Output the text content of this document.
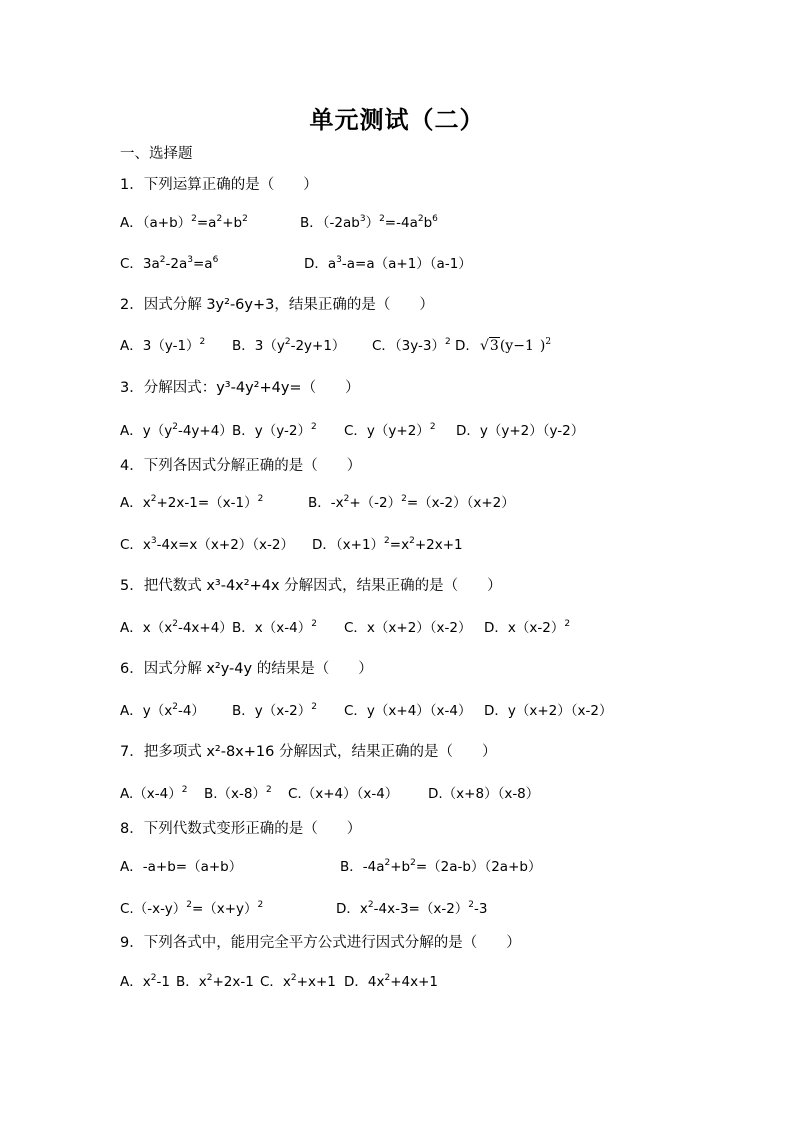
单元测试（二）
一、选择题
1．下列运算正确的是（　　）
A．$(a+b)^2=a^2+b^2$	B．$(-2ab^3)^2=-4a^2b^6$
C．$3a^2-2a^3=a^6$	D．$a^3-a=a(a+1)(a-1)$
2．因式分解 3y²-6y+3，结果正确的是（　　）
A．$3(y-1)^2$ B．$3(y^2-2y+1)$ C．$(3y-3)^2$ D. √3(y−1 )$^2$
3．分解因式：y³-4y²+4y=（　　）
A．$y(y^2-4y+4)$ B．$y(y-2)^2$ C．$y(y+2)^2$ D．y（y+2）（y-2）
4．下列各因式分解正确的是（　　）
A．$x^2+2x-1=(x-1)^2$	B．$-x^2+(-2)^2=(x-2)(x+2)$
C．$x^3-4x=x(x+2)(x-2)$ D．$(x+1)^2=x^2+2x+1$
5．把代数式 x³-4x²+4x 分解因式，结果正确的是（　　）
A．$x(x^2-4x+4)$ B．$x(x-4)^2$ C．x（x+2）（x-2） D．$x(x-2)^2$
6．因式分解 x²y-4y 的结果是（　　）
A．$y(x^2-4)$ B．$y(x-2)^2$ C．y（x+4）（x-4） D．y（x+2）（x-2）
7．把多项式 x²-8x+16 分解因式，结果正确的是（　　）
$A.(x-4)^2$ $B.(x-8)^2$ C.（x+4）（x-4） D.（x+8）（x-8）
8．下列代数式变形正确的是（　　）
A．-a+b=（a+b）	B．$-4a^2+b^2=(2a-b)(2a+b)$
$C.(-x-y)^2=(x+y)^2$	D．$x^2-4x-3=(x-2)^2-3$
9．下列各式中，能用完全平方公式进行因式分解的是（　　）
A．$x^2-1$ B．$x^2+2x-1$ C．$x^2+x+1$ D．$4x^2+4x+1$
